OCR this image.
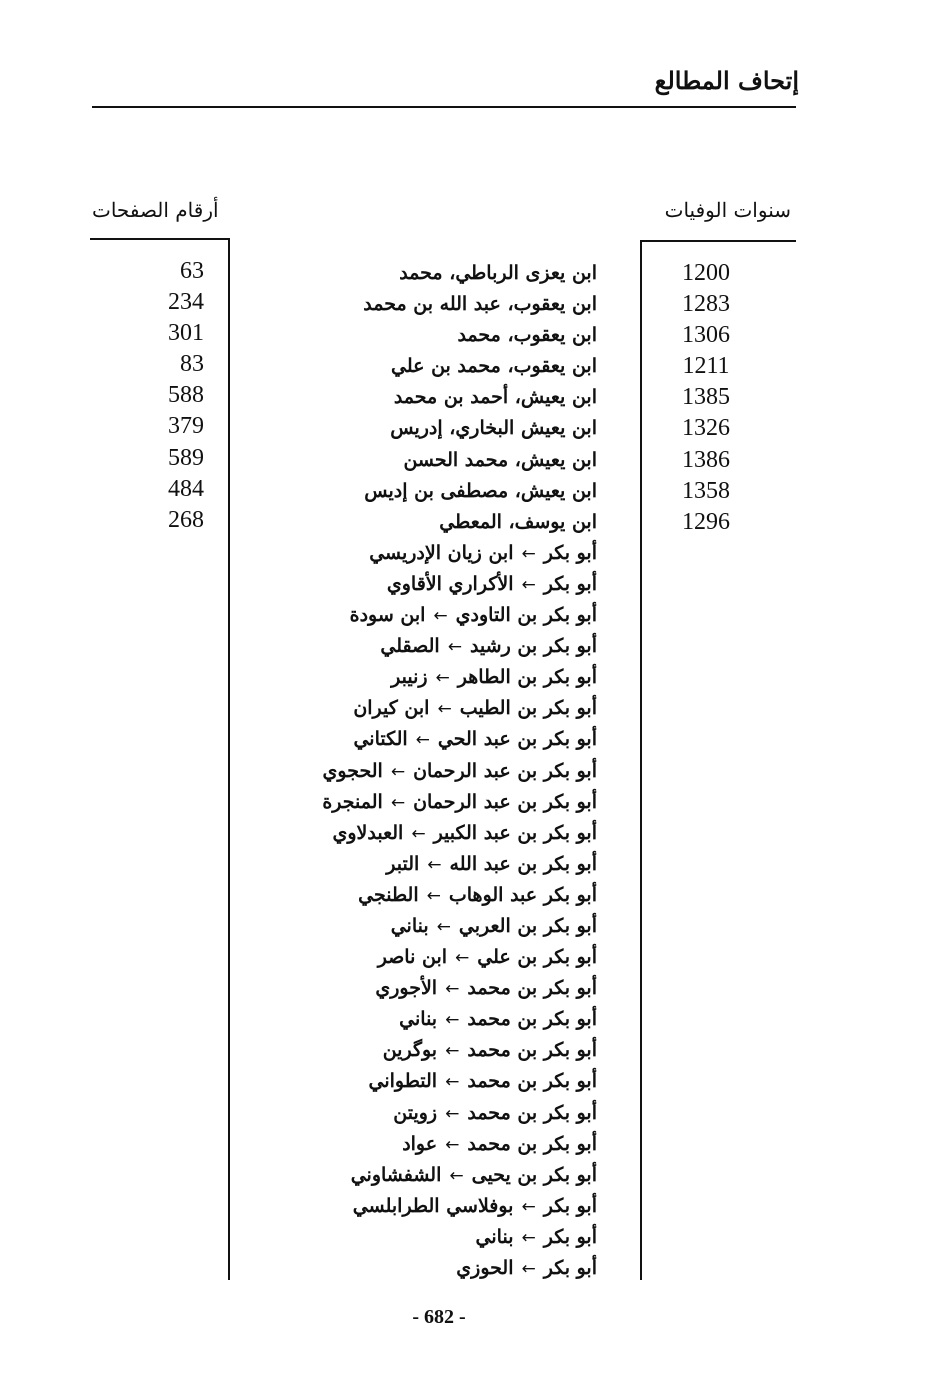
إتحاف المطالع
سنوات الوفيات
أرقام الصفحات
1200
1283
1306
1211
1385
1326
1386
1358
1296
63
234
301
83
588
379
589
484
268
ابن يعزى الرباطي، محمد
ابن يعقوب، عبد الله بن محمد
ابن يعقوب، محمد
ابن يعقوب، محمد بن علي
ابن يعيش، أحمد بن محمد
ابن يعيش البخاري، إدريس
ابن يعيش، محمد الحسن
ابن يعيش، مصطفى بن إديس
ابن يوسف، المعطي
أبو بكر←ابن زيان الإدريسي
أبو بكر←الأكراري الأقاوي
أبو بكر بن التاودي←ابن سودة
أبو بكر بن رشيد←الصقلي
أبو بكر بن الطاهر←زنيبر
أبو بكر بن الطيب←ابن كيران
أبو بكر بن عبد الحي←الكتاني
أبو بكر بن عبد الرحمان←الحجوي
أبو بكر بن عبد الرحمان←المنجرة
أبو بكر بن عبد الكبير←العبدلاوي
أبو بكر بن عبد الله←التبر
أبو بكر عبد الوهاب←الطنجي
أبو بكر بن العربي←بناني
أبو بكر بن علي←ابن ناصر
أبو بكر بن محمد←الأجوري
أبو بكر بن محمد←بناني
أبو بكر بن محمد←بوگرين
أبو بكر بن محمد←التطواني
أبو بكر بن محمد←زويتن
أبو بكر بن محمد←عواد
أبو بكر بن يحيى←الشفشاوني
أبو بكر←بوفلاسي الطرابلسي
أبو بكر←بناني
أبو بكر←الحوزي
- 682 -
